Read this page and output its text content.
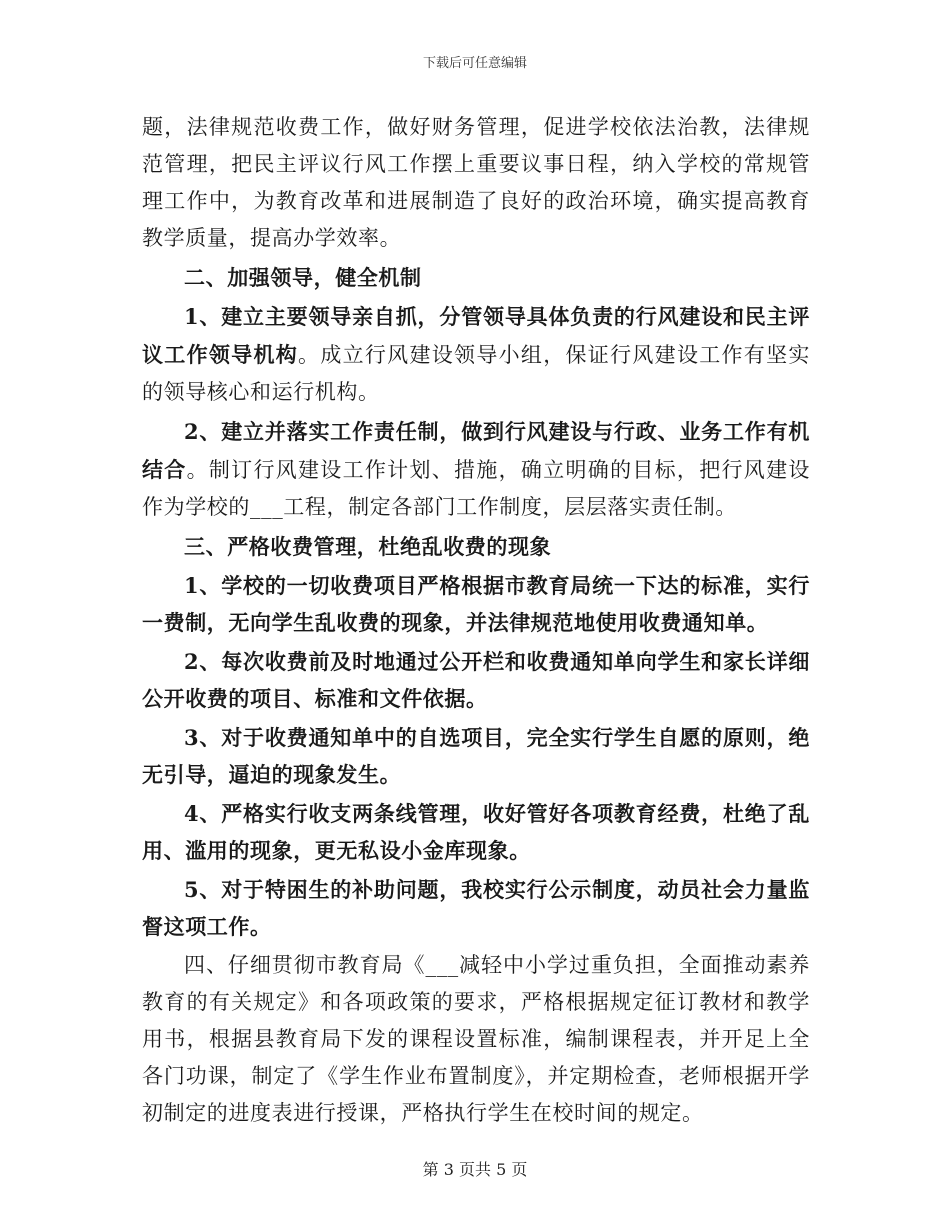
下载后可任意编辑

题，法律规范收费工作，做好财务管理，促进学校依法治教，法律规范管理，把民主评议行风工作摆上重要议事日程，纳入学校的常规管理工作中，为教育改革和进展制造了良好的政治环境，确实提高教育教学质量，提高办学效率。

二、加强领导，健全机制

1、建立主要领导亲自抓，分管领导具体负责的行风建设和民主评议工作领导机构。成立行风建设领导小组，保证行风建设工作有坚实的领导核心和运行机构。

2、建立并落实工作责任制，做到行风建设与行政、业务工作有机结合。制订行风建设工作计划、措施，确立明确的目标，把行风建设作为学校的___工程，制定各部门工作制度，层层落实责任制。

三、严格收费管理，杜绝乱收费的现象

1、学校的一切收费项目严格根据市教育局统一下达的标准，实行一费制，无向学生乱收费的现象，并法律规范地使用收费通知单。

2、每次收费前及时地通过公开栏和收费通知单向学生和家长详细公开收费的项目、标准和文件依据。

3、对于收费通知单中的自选项目，完全实行学生自愿的原则，绝无引导，逼迫的现象发生。

4、严格实行收支两条线管理，收好管好各项教育经费，杜绝了乱用、滥用的现象，更无私设小金库现象。

5、对于特困生的补助问题，我校实行公示制度，动员社会力量监督这项工作。

四、仔细贯彻市教育局《___减轻中小学过重负担，全面推动素养教育的有关规定》和各项政策的要求，严格根据规定征订教材和教学用书，根据县教育局下发的课程设置标准，编制课程表，并开足上全各门功课，制定了《学生作业布置制度》，并定期检查，老师根据开学初制定的进度表进行授课，严格执行学生在校时间的规定。

第 3 页共 5 页
